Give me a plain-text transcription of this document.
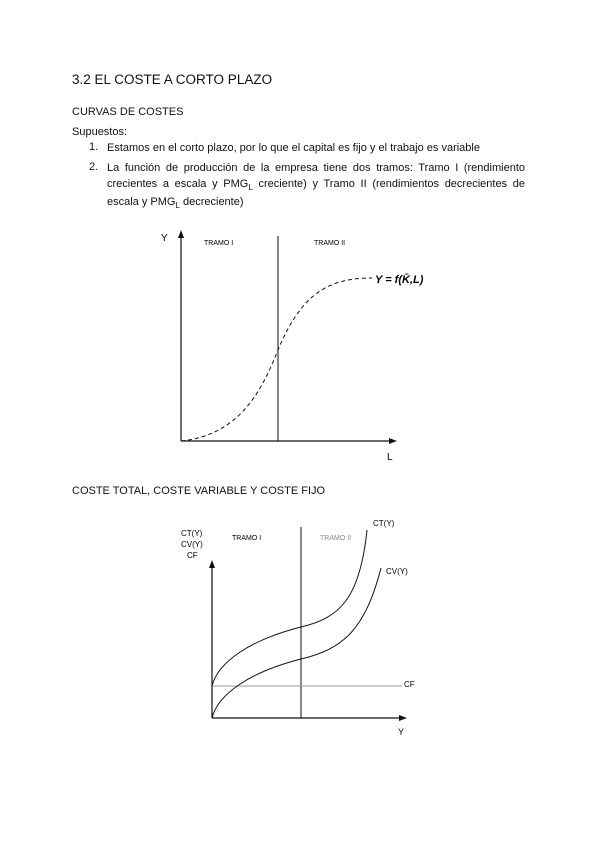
3.2 EL COSTE A CORTO PLAZO
CURVAS DE COSTES
Supuestos:
1. Estamos en el corto plazo, por lo que el capital es fijo y el trabajo es variable
2. La función de producción de la empresa tiene dos tramos: Tramo I (rendimiento
crecientes a escala y $PMG_L$ creciente) y Tramo II (rendimientos decrecientes de
escala y $PMG_L$ decreciente)
Y
L
TRAMO I	TRAMO II
Y = f(K̄,L)
COSTE TOTAL, COSTE VARIABLE Y COSTE FIJO
CT(Y)
CV(Y)
CF
Y
TRAMO I	TRAMO II
CT(Y)
CV(Y)
CF
